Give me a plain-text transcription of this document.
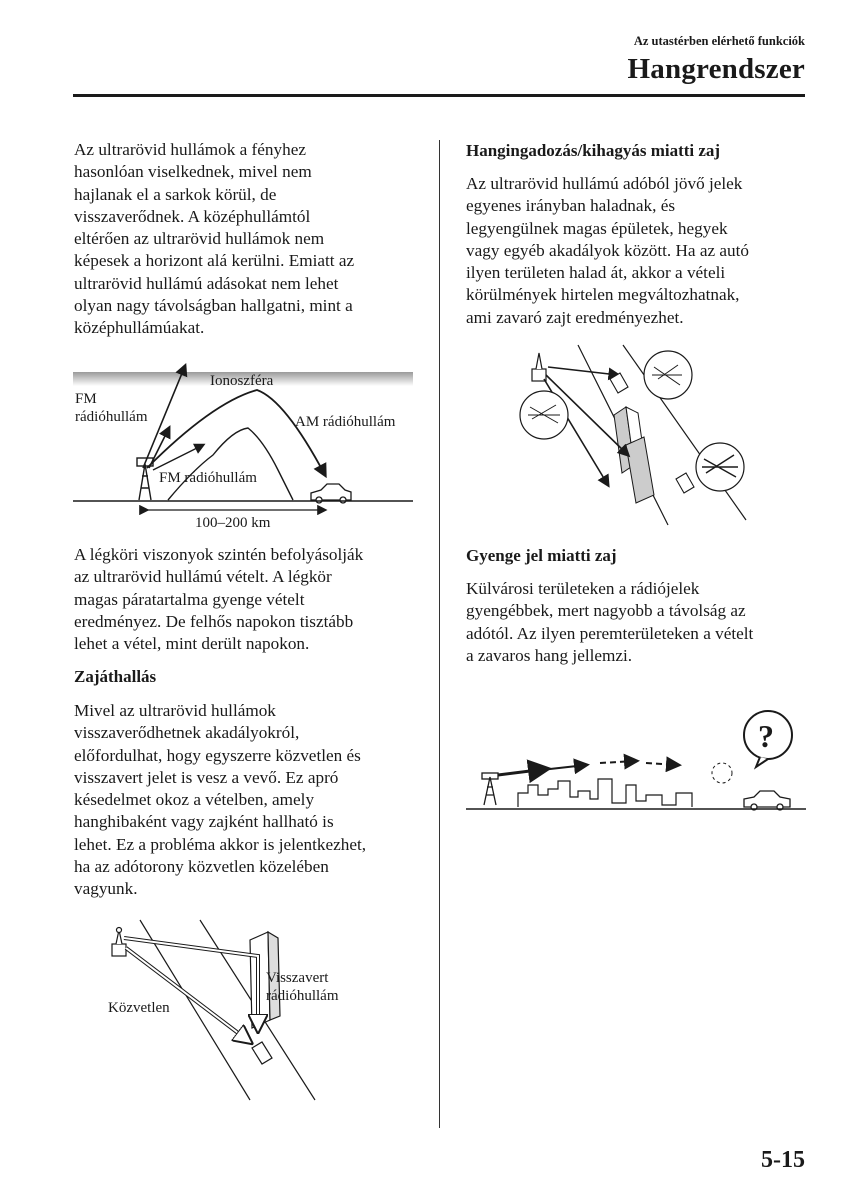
Az utastérben elérhető funkciók
Hangrendszer
Az ultrarövid hullámok a fényhez
hasonlóan viselkednek, mivel nem
hajlanak el a sarkok körül, de
visszaverődnek. A középhullámtól
eltérően az ultrarövid hullámok nem
képesek a horizont alá kerülni. Emiatt az
ultrarövid hullámú adásokat nem lehet
olyan nagy távolságban hallgatni, mint a
középhullámúakat.
Ionoszféra
FM
rádióhullám	AM rádióhullám
FM rádióhullám
100–200 km
A légköri viszonyok szintén befolyásolják
az ultrarövid hullámú vételt. A légkör
magas páratartalma gyenge vételt
eredményez. De felhős napokon tisztább
lehet a vétel, mint derült napokon.
Zajáthallás
Mivel az ultrarövid hullámok
visszaverődhetnek akadályokról,
előfordulhat, hogy egyszerre közvetlen és
visszavert jelet is vesz a vevő. Ez apró
késedelmet okoz a vételben, amely
hanghibaként vagy zajként hallható is
lehet. Ez a probléma akkor is jelentkezhet,
ha az adótorony közvetlen közelében
vagyunk.
Visszavert
rádióhullám
Közvetlen
Hangingadozás/kihagyás miatti zaj
Az ultrarövid hullámú adóból jövő jelek
egyenes irányban haladnak, és
legyengülnek magas épületek, hegyek
vagy egyéb akadályok között. Ha az autó
ilyen területen halad át, akkor a vételi
körülmények hirtelen megváltozhatnak,
ami zavaró zajt eredményezhet.
Gyenge jel miatti zaj
Külvárosi területeken a rádiójelek
gyengébbek, mert nagyobb a távolság az
adótól. Az ilyen peremterületeken a vételt
a zavaros hang jellemzi.
?
5-15
